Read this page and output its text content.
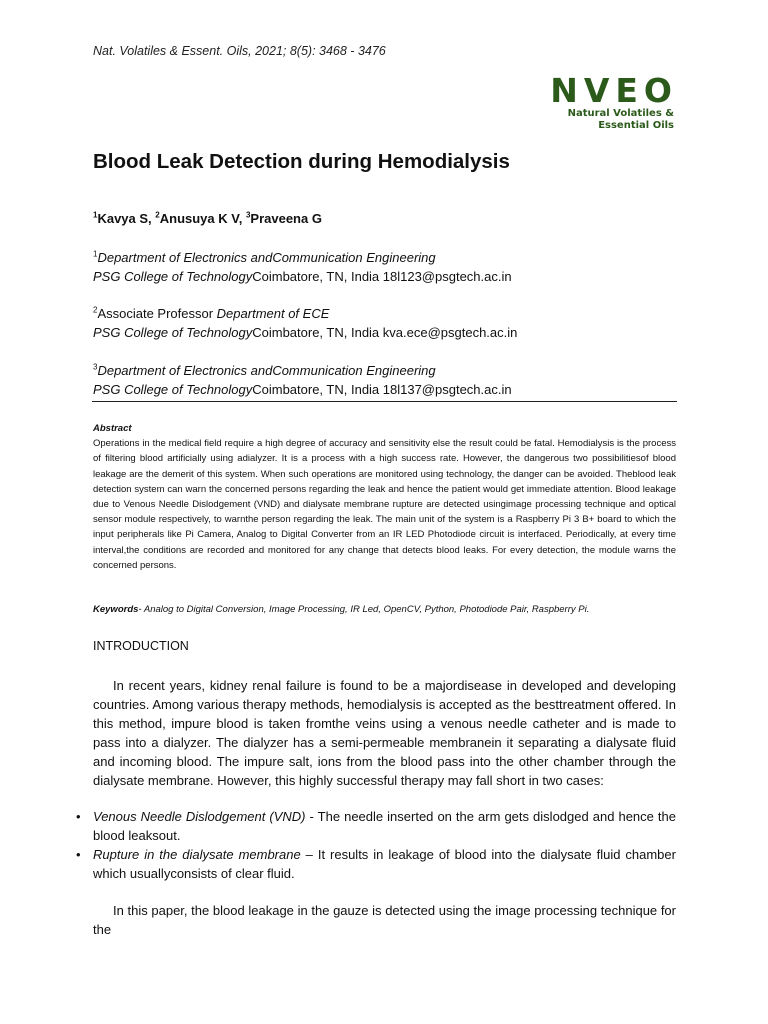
Nat. Volatiles & Essent. Oils, 2021; 8(5): 3468 - 3476
NVEO
Natural Volatiles &
Essential Oils
Blood Leak Detection during Hemodialysis
$^1$Kavya S, $^2$Anusuya K V, $^3$Praveena G
$^1$Department of Electronics andCommunication Engineering
PSG College of TechnologyCoimbatore, TN, India 18l123@psgtech.ac.in
$^2$Associate Professor Department of ECE
PSG College of TechnologyCoimbatore, TN, India kva.ece@psgtech.ac.in
$^3$Department of Electronics andCommunication Engineering
PSG College of TechnologyCoimbatore, TN, India 18l137@psgtech.ac.in
Abstract

Operations in the medical field require a high degree of accuracy and sensitivity else the result could be fatal. Hemodialysis is the process of filtering blood artificially using adialyzer. It is a process with a high success rate. However, the dangerous two possibilitiesof blood leakage are the demerit of this system. When such operations are monitored using technology, the danger can be avoided. Theblood leak detection system can warn the concerned persons regarding the leak and hence the patient would get immediate attention. Blood leakage due to Venous Needle Dislodgement (VND) and dialysate membrane rupture are detected usingimage processing technique and optical sensor module respectively, to warnthe person regarding the leak. The main unit of the system is a Raspberry Pi 3 B+ board to which the input peripherals like Pi Camera, Analog to Digital Converter from an IR LED Photodiode circuit is interfaced. Periodically, at every time interval,the conditions are recorded and monitored for any change that detects blood leaks. For every detection, the module warns the concerned persons.

Keywords- Analog to Digital Conversion, Image Processing, IR Led, OpenCV, Python, Photodiode Pair, Raspberry Pi.
INTRODUCTION

In recent years, kidney renal failure is found to be a majordisease in developed and developing countries. Among various therapy methods, hemodialysis is accepted as the besttreatment offered. In this method, impure blood is taken fromthe veins using a venous needle catheter and is made to pass into a dialyzer. The dialyzer has a semi-permeable membranein it separating a dialysate fluid and incoming blood. The impure salt, ions from the blood pass into the other chamber through the dialysate membrane. However, this highly successful therapy may fall short in two cases:

• Venous Needle Dislodgement (VND) - The needle inserted on the arm gets dislodged and hence the blood leaksout.
• Rupture in the dialysate membrane – It results in leakage of blood into the dialysate fluid chamber which usuallyconsists of clear fluid.

In this paper, the blood leakage in the gauze is detected using the image processing technique for the
